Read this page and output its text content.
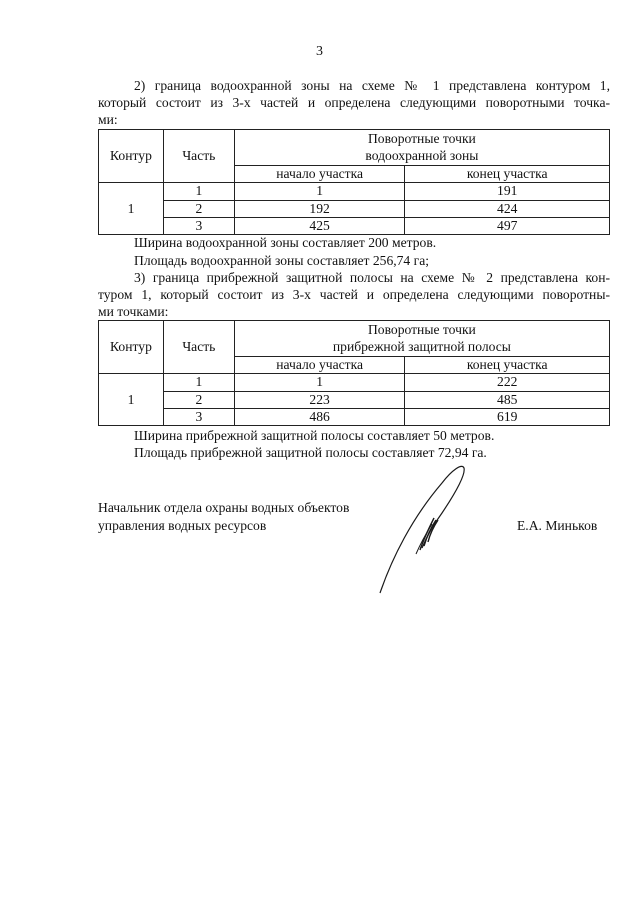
3
2) граница водоохранной зоны на схеме № 1 представлена контуром 1,
который состоит из 3-х частей и определена следующими поворотными точка-
ми:
Контур	Часть	Поворотные точки
водоохранной зоны	

		начало участка	конец участка
1	1	1	191
	2	192	424
	3	425	497
Ширина водоохранной зоны составляет 200 метров.
Площадь водоохранной зоны составляет 256,74 га;
3) граница прибрежной защитной полосы на схеме № 2 представлена кон-
туром 1, который состоит из 3-х частей и определена следующими поворотны-
ми точками:
Контур	Часть	Поворотные точки
прибрежной защитной полосы	

		начало участка	конец участка
1	1	1	222
	2	223	485
	3	486	619
Ширина прибрежной защитной полосы составляет 50 метров.
Площадь прибрежной защитной полосы составляет 72,94 га.
Начальник отдела охраны водных объектов
управления водных ресурсов	Е.А. Миньков
